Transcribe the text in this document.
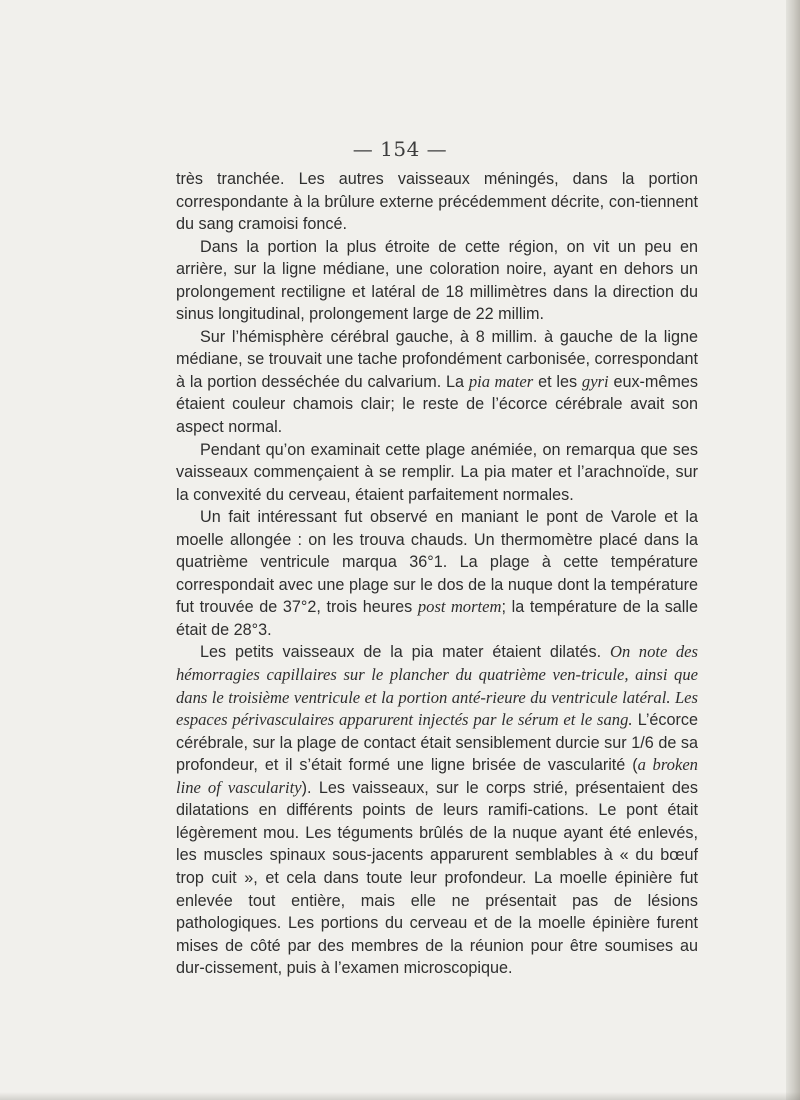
— 154 —

très tranchée. Les autres vaisseaux méningés, dans la portion correspondante à la brûlure externe précédemment décrite, con-tiennent du sang cramoisi foncé.

Dans la portion la plus étroite de cette région, on vit un peu en arrière, sur la ligne médiane, une coloration noire, ayant en dehors un prolongement rectiligne et latéral de 18 millimètres dans la direction du sinus longitudinal, prolongement large de 22 millim.

Sur l’hémisphère cérébral gauche, à 8 millim. à gauche de la ligne médiane, se trouvait une tache profondément carbonisée, correspondant à la portion desséchée du calvarium. La pia mater et les gyri eux-mêmes étaient couleur chamois clair; le reste de l’écorce cérébrale avait son aspect normal.

Pendant qu’on examinait cette plage anémiée, on remarqua que ses vaisseaux commençaient à se remplir. La pia mater et l’arachnoïde, sur la convexité du cerveau, étaient parfaitement normales.

Un fait intéressant fut observé en maniant le pont de Varole et la moelle allongée : on les trouva chauds. Un thermomètre placé dans la quatrième ventricule marqua 36°1. La plage à cette température correspondait avec une plage sur le dos de la nuque dont la température fut trouvée de 37°2, trois heures post mortem; la température de la salle était de 28°3.

Les petits vaisseaux de la pia mater étaient dilatés. On note des hémorragies capillaires sur le plancher du quatrième ven-tricule, ainsi que dans le troisième ventricule et la portion anté-rieure du ventricule latéral. Les espaces périvasculaires apparurent injectés par le sérum et le sang. L’écorce cérébrale, sur la plage de contact était sensiblement durcie sur 1/6 de sa profondeur, et il s’était formé une ligne brisée de vascularité (a broken line of vascularity). Les vaisseaux, sur le corps strié, présentaient des dilatations en différents points de leurs ramifi-cations. Le pont était légèrement mou. Les téguments brûlés de la nuque ayant été enlevés, les muscles spinaux sous-jacents apparurent semblables à « du bœuf trop cuit », et cela dans toute leur profondeur. La moelle épinière fut enlevée tout entière, mais elle ne présentait pas de lésions pathologiques. Les portions du cerveau et de la moelle épinière furent mises de côté par des membres de la réunion pour être soumises au dur-cissement, puis à l’examen microscopique.
